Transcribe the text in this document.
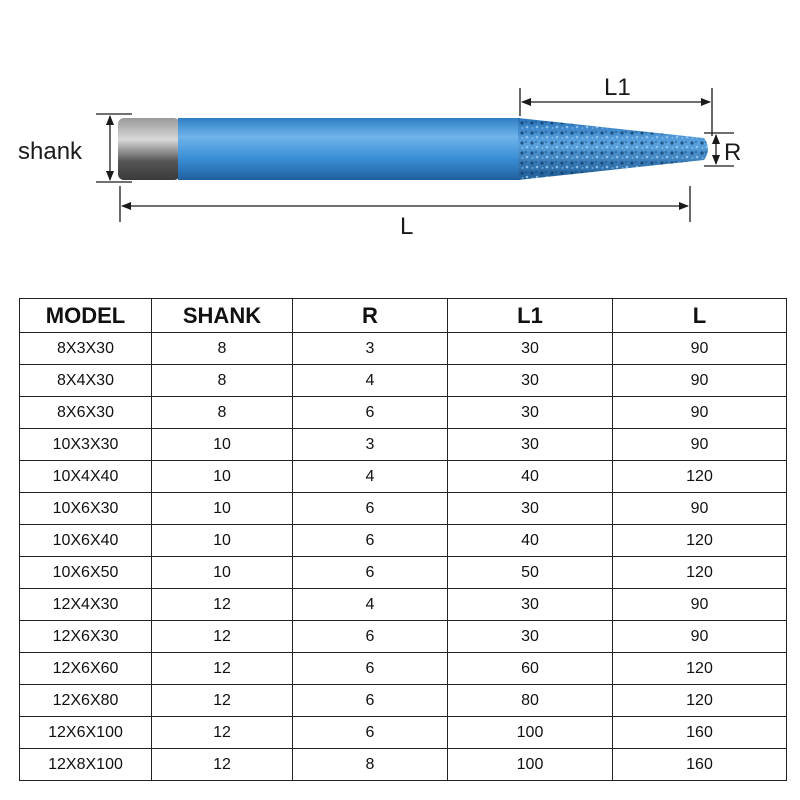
shank
L1
R
L
MODEL	SHANK	R	L1	L
8X3X30	8	3	30	90
8X4X30	8	4	30	90
8X6X30	8	6	30	90
10X3X30	10	3	30	90
10X4X40	10	4	40	120
10X6X30	10	6	30	90
10X6X40	10	6	40	120
10X6X50	10	6	50	120
12X4X30	12	4	30	90
12X6X30	12	6	30	90
12X6X60	12	6	60	120
12X6X80	12	6	80	120
12X6X100	12	6	100	160
12X8X100	12	8	100	160
